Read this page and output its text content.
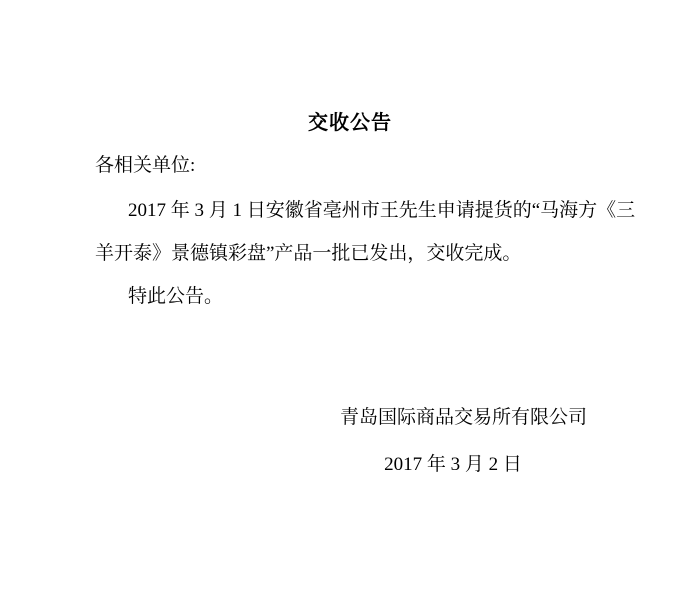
交收公告
各相关单位:
2017 年 3 月 1 日安徽省亳州市王先生申请提货的“马海方《三
羊开泰》景德镇彩盘”产品一批已发出，交收完成。
特此公告。
青岛国际商品交易所有限公司
2017 年 3 月 2 日
